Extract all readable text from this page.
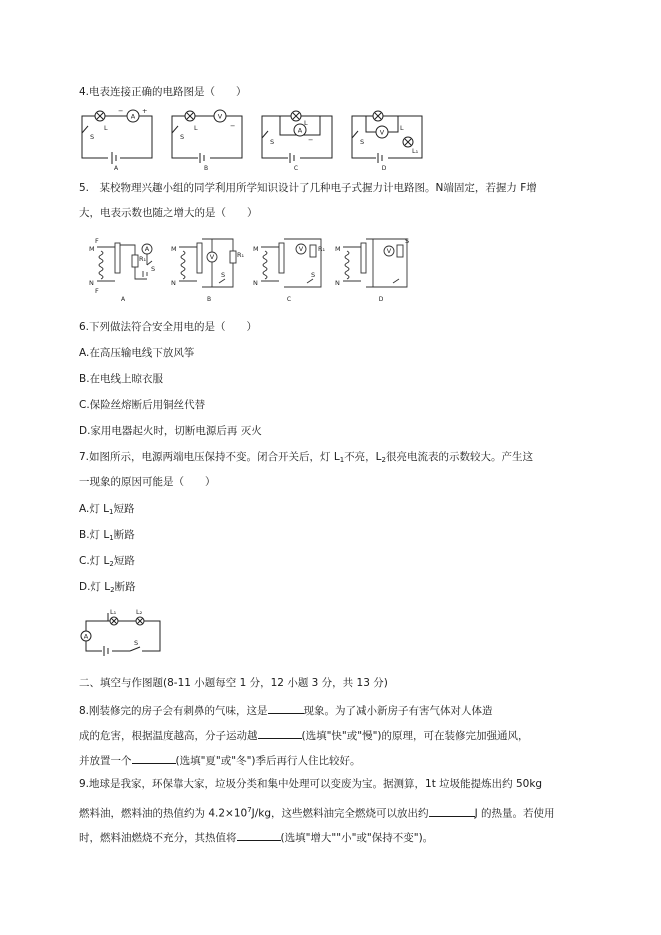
4.电表连接正确的电路图是（　　）
A
+
−
L
S
A
V
L
S
−
B
A
L
S	−
C
V
L
L₁
S
D
5.　某校物理兴趣小组的同学利用所学知识设计了几种电子式握力计电路图。N端固定，若握力 F增
大，电表示数也随之增大的是（　　）
M
N
F
F
R₁
A
S
A
M
N
V	R₁
S
B
M
N
V R₁
S
C
M
N
V
S
D
6.下列做法符合安全用电的是（　　）
A.在高压输电线下放风筝
B.在电线上晾衣服
C.保险丝熔断后用铜丝代替
D.家用电器起火时，切断电源后再 灭火
7.如图所示，电源两端电压保持不变。闭合开关后，灯 $L_1$不亮，$L_2$很亮电流表的示数较大。产生这
一现象的原因可能是（　　）
A.灯 $L_1$短路
B.灯 $L_1$断路
C.灯 $L_2$短路
D.灯 $L_2$断路
A
L₁	L₂
S
二、填空与作图题(8-11 小题每空 1 分，12 小题 3 分，共 13 分)
8.刚装修完的房子会有刺鼻的气味，这是	现象。为了减小新房子有害气体对人体造
成的危害，根据温度越高，分子运动越	(选填"快"或"慢")的原理，可在装修完加强通风，
并放置一个	(选填"夏"或"冬")季后再行人住比较好。
9.地球是我家，环保靠大家，垃圾分类和集中处理可以变废为宝。据测算，1t 垃圾能提炼出约 50kg
燃料油，燃料油的热值约为 $4.2\times 10^7J/kg$，这些燃料油完全燃烧可以放出约	J 的热量。若使用
时，燃料油燃烧不充分，其热值将	(选填"增大""小"或"保持不变")。
